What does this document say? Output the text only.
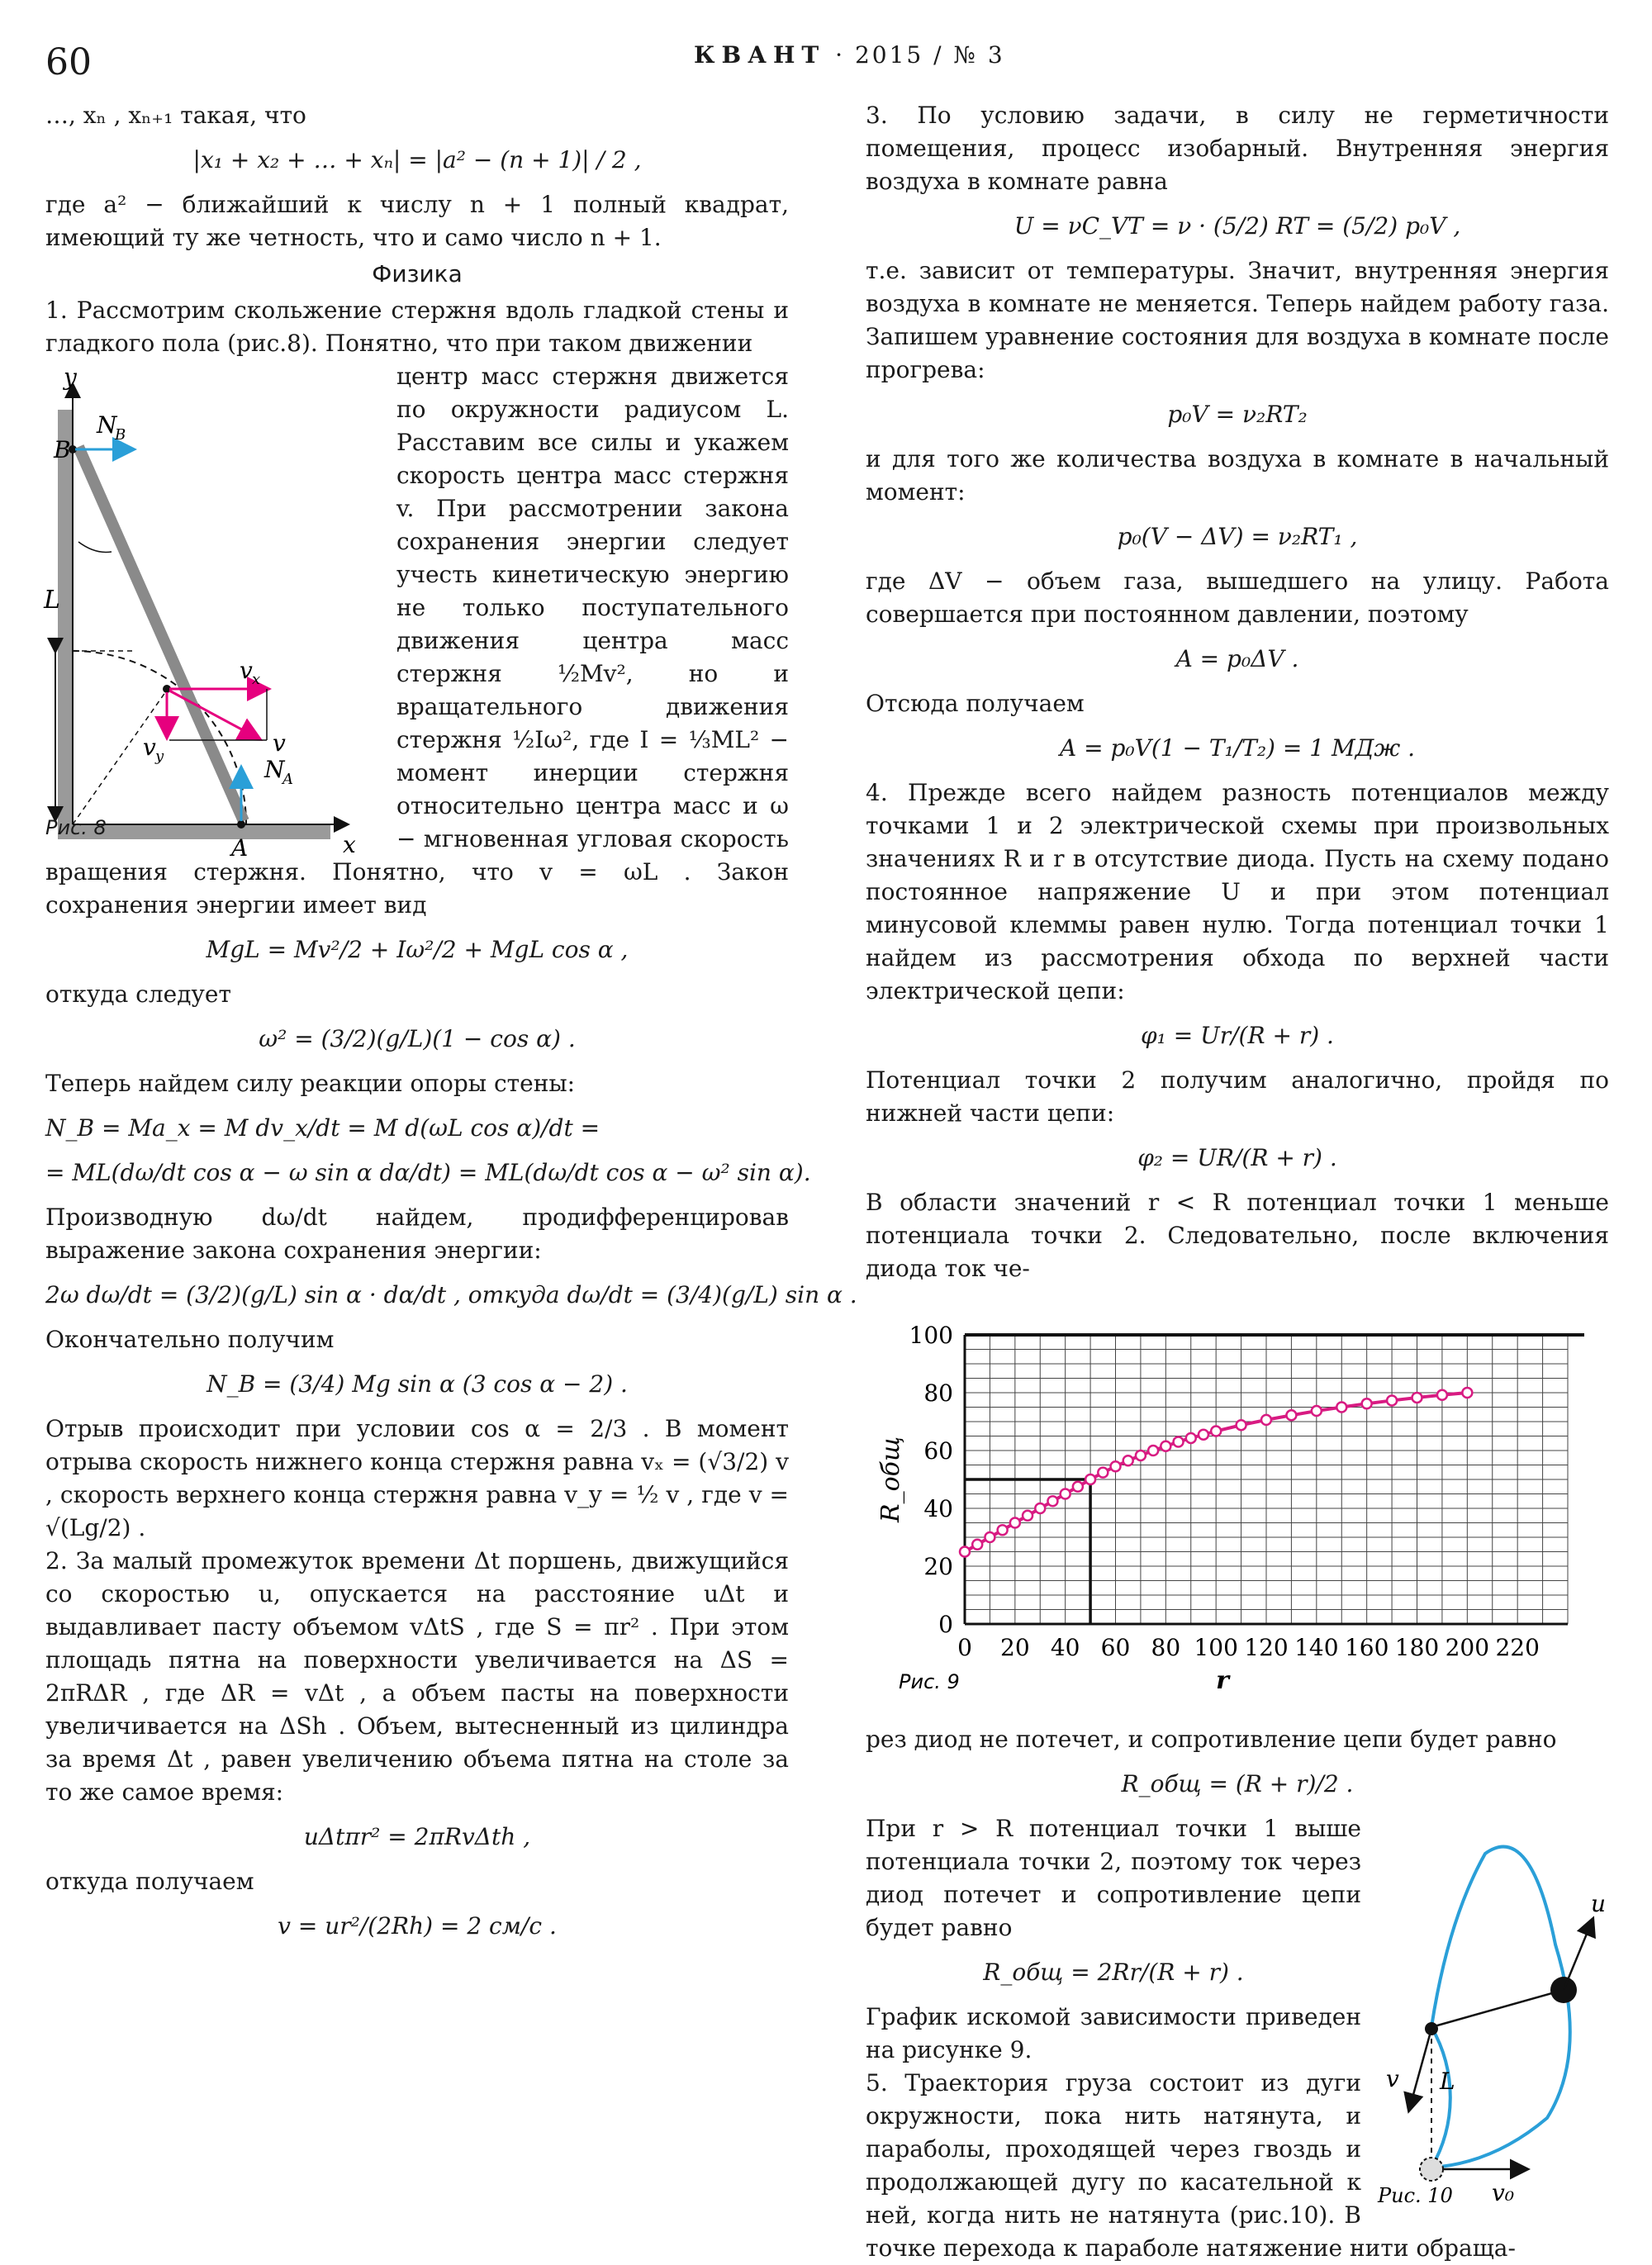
60	КВАНТ · 2015 / № 3

…, xₙ , xₙ₊₁ такая, что

|x₁ + x₂ + … + xₙ| = |a² − (n + 1)| / 2 ,

где a² − ближайший к числу n + 1 полный квадрат, имеющий ту же четность, что и само число n + 1.

Физика

1. Рассмотрим скольжение стержня вдоль гладкой стены и гладкого пола (рис.8). Понятно, что при таком движении

L
y
x
B
A
N
B
N
A
v x
v y	v
Рис. 8

центр масс стержня движется по окружности радиусом L. Расставим все силы и укажем скорость центра масс стержня v. При рассмотрении закона сохранения энергии следует учесть кинетическую энергию не только поступательного движения центра масс стержня ½Mv², но и вращательного движения стержня ½Iω², где I = ⅓ML² − момент инерции стержня относительно центра масс и ω − мгновенная угловая скорость вращения стержня. Понятно, что v = ωL . Закон сохранения энергии имеет вид

MgL = Mv²/2 + Iω²/2 + MgL cos α ,

откуда следует

ω² = (3/2)(g/L)(1 − cos α) .

Теперь найдем силу реакции опоры стены:

N_B = Ma_x = M dv_x/dt = M d(ωL cos α)/dt =
= ML(dω/dt cos α − ω sin α dα/dt) = ML(dω/dt cos α − ω² sin α).

Производную dω/dt найдем, продифференцировав выражение закона сохранения энергии:

2ω dω/dt = (3/2)(g/L) sin α · dα/dt , откуда dω/dt = (3/4)(g/L) sin α .

Окончательно получим

N_B = (3/4) Mg sin α (3 cos α − 2) .

Отрыв происходит при условии cos α = 2/3 . В момент отрыва скорость нижнего конца стержня равна vₓ = (√3/2) v , скорость верхнего конца стержня равна v_y = ½ v , где v = √(Lg/2) .

2. За малый промежуток времени Δt поршень, движущийся со скоростью u, опускается на расстояние uΔt и выдавливает пасту объемом vΔtS , где S = πr² . При этом площадь пятна на поверхности увеличивается на ΔS = 2πRΔR , где ΔR = vΔt , а объем пасты на поверхности увеличивается на ΔSh . Объем, вытесненный из цилиндра за время Δt , равен увеличению объема пятна на столе за то же самое время:

uΔtπr² = 2πRvΔth ,

откуда получаем

v = ur²/(2Rh) = 2 см/с .

3. По условию задачи, в силу не герметичности помещения, процесс изобарный. Внутренняя энергия воздуха в комнате равна

U = νC_VT = ν · (5/2) RT = (5/2) p₀V ,

т.е. зависит от температуры. Значит, внутренняя энергия воздуха в комнате не меняется. Теперь найдем работу газа. Запишем уравнение состояния для воздуха в комнате после прогрева:

p₀V = ν₂RT₂

и для того же количества воздуха в комнате в начальный момент:

p₀(V − ΔV) = ν₂RT₁ ,

где ΔV − объем газа, вышедшего на улицу. Работа совершается при постоянном давлении, поэтому

A = p₀ΔV .

Отсюда получаем

A = p₀V(1 − T₁/T₂) = 1 МДж .

4. Прежде всего найдем разность потенциалов между точками 1 и 2 электрической схемы при произвольных значениях R и r в отсутствие диода. Пусть на схему подано постоянное напряжение U и при этом потенциал минусовой клеммы равен нулю. Тогда потенциал точки 1 найдем из рассмотрения обхода по верхней части электрической цепи:

φ₁ = Ur/(R + r) .

Потенциал точки 2 получим аналогично, пройдя по нижней части цепи:

φ₂ = UR/(R + r) .

В области значений r < R потенциал точки 1 меньше потенциала точки 2. Следовательно, после включения диода ток че-

0 20 40 60 80 100 120 140 160 180 200 220
0
20
40
60
80
100
r
R_общ
Рис. 9

рез диод не потечет, и сопротивление цепи будет равно

R_общ = (R + r)/2 .
u
v L
v₀
Рис. 10

При r > R потенциал точки 1 выше потенциала точки 2, поэтому ток через диод потечет и сопротивление цепи будет равно

R_общ = 2Rr/(R + r) .

График искомой зависимости приведен на рисунке 9.

5. Траектория груза состоит из дуги окружности, пока нить натянута, и параболы, проходящей через гвоздь и продолжающей дугу по касательной к ней, когда нить не натянута (рис.10). В точке перехода к параболе натяжение нити обраща-
